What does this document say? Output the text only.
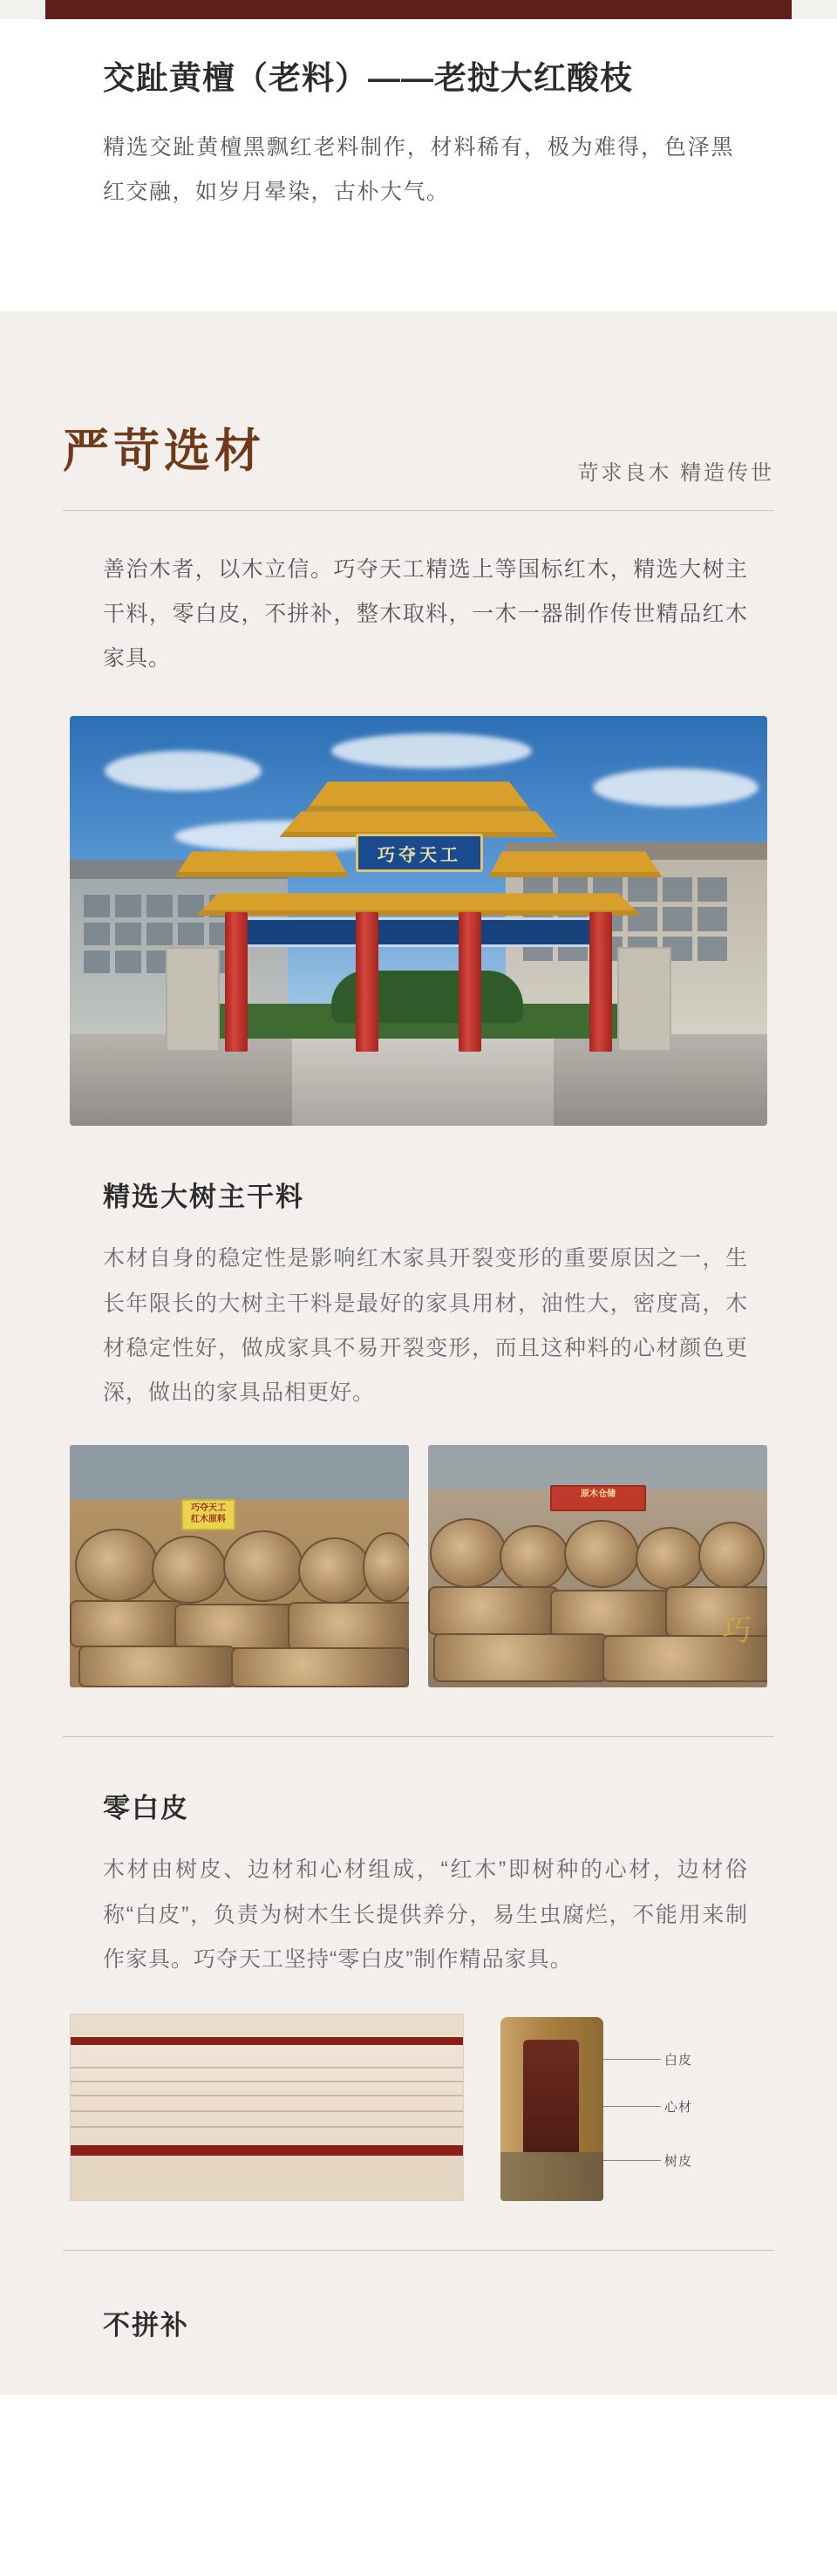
交趾黄檀（老料）——老挝大红酸枝

精选交趾黄檀黑飘红老料制作，材料稀有，极为难得，色泽黑红交融，如岁月晕染，古朴大气。

严苛选材	苛求良木 精造传世

善治木者，以木立信。巧夺天工精选上等国标红木，精选大树主干料，零白皮，不拼补，整木取料，一木一器制作传世精品红木家具。

巧夺天工
精选大树主干料
木材自身的稳定性是影响红木家具开裂变形的重要原因之一，生长年限长的大树主干料是最好的家具用材，油性大，密度高，木材稳定性好，做成家具不易开裂变形，而且这种料的心材颜色更深，做出的家具品相更好。
巧夺天工
红木原料
原木仓储
巧
零白皮
木材由树皮、边材和心材组成，“红木”即树种的心材，边材俗称“白皮”，负责为树木生长提供养分，易生虫腐烂，不能用来制作家具。巧夺天工坚持“零白皮”制作精品家具。
白皮
心材
树皮
不拼补
